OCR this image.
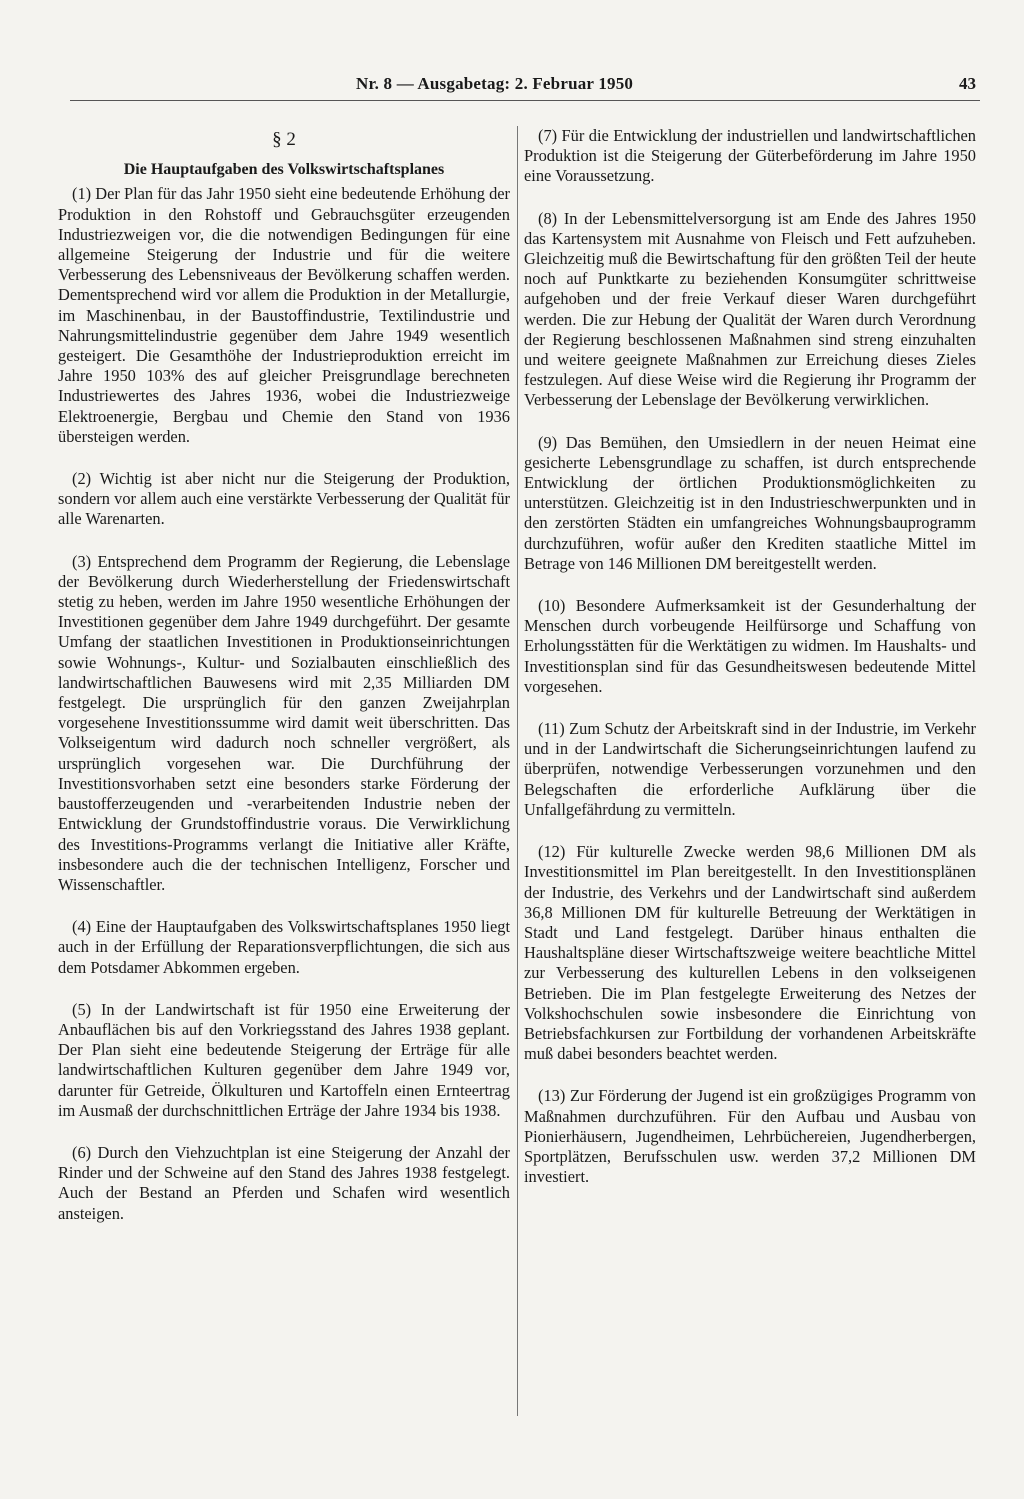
Nr. 8 — Ausgabetag: 2. Februar 1950	43
§ 2
Die Hauptaufgaben des Volkswirtschaftsplanes

(1) Der Plan für das Jahr 1950 sieht eine bedeutende Erhöhung der Produktion in den Rohstoff und Gebrauchsgüter erzeugenden Industriezweigen vor, die die notwendigen Bedingungen für eine allgemeine Steigerung der Industrie und für die weitere Verbesserung des Lebensniveaus der Bevölkerung schaffen werden. Dementsprechend wird vor allem die Produktion in der Metallurgie, im Maschinenbau, in der Baustoffindustrie, Textilindustrie und Nahrungsmittelindustrie gegenüber dem Jahre 1949 wesentlich gesteigert. Die Gesamthöhe der Industrieproduktion erreicht im Jahre 1950 103% des auf gleicher Preisgrundlage berechneten Industriewertes des Jahres 1936, wobei die Industriezweige Elektroenergie, Bergbau und Chemie den Stand von 1936 übersteigen werden.

(2) Wichtig ist aber nicht nur die Steigerung der Produktion, sondern vor allem auch eine verstärkte Verbesserung der Qualität für alle Warenarten.

(3) Entsprechend dem Programm der Regierung, die Lebenslage der Bevölkerung durch Wiederherstellung der Friedenswirtschaft stetig zu heben, werden im Jahre 1950 wesentliche Erhöhungen der Investitionen gegenüber dem Jahre 1949 durchgeführt. Der gesamte Umfang der staatlichen Investitionen in Produktionseinrichtungen sowie Wohnungs-, Kultur- und Sozialbauten einschließlich des landwirtschaftlichen Bauwesens wird mit 2,35 Milliarden DM festgelegt. Die ursprünglich für den ganzen Zweijahrplan vorgesehene Investitionssumme wird damit weit überschritten. Das Volkseigentum wird dadurch noch schneller vergrößert, als ursprünglich vorgesehen war. Die Durchführung der Investitionsvorhaben setzt eine besonders starke Förderung der baustofferzeugenden und -verarbeitenden Industrie neben der Entwicklung der Grundstoffindustrie voraus. Die Verwirklichung des Investitions-Programms verlangt die Initiative aller Kräfte, insbesondere auch die der technischen Intelligenz, Forscher und Wissenschaftler.

(4) Eine der Hauptaufgaben des Volkswirtschaftsplanes 1950 liegt auch in der Erfüllung der Reparationsverpflichtungen, die sich aus dem Potsdamer Abkommen ergeben.

(5) In der Landwirtschaft ist für 1950 eine Erweiterung der Anbauflächen bis auf den Vorkriegsstand des Jahres 1938 geplant. Der Plan sieht eine bedeutende Steigerung der Erträge für alle landwirtschaftlichen Kulturen gegenüber dem Jahre 1949 vor, darunter für Getreide, Ölkulturen und Kartoffeln einen Ernteertrag im Ausmaß der durchschnittlichen Erträge der Jahre 1934 bis 1938.

(6) Durch den Viehzuchtplan ist eine Steigerung der Anzahl der Rinder und der Schweine auf den Stand des Jahres 1938 festgelegt. Auch der Bestand an Pferden und Schafen wird wesentlich ansteigen.

(7) Für die Entwicklung der industriellen und landwirtschaftlichen Produktion ist die Steigerung der Güterbeförderung im Jahre 1950 eine Voraussetzung.

(8) In der Lebensmittelversorgung ist am Ende des Jahres 1950 das Kartensystem mit Ausnahme von Fleisch und Fett aufzuheben. Gleichzeitig muß die Bewirtschaftung für den größten Teil der heute noch auf Punktkarte zu beziehenden Konsumgüter schrittweise aufgehoben und der freie Verkauf dieser Waren durchgeführt werden. Die zur Hebung der Qualität der Waren durch Verordnung der Regierung beschlossenen Maßnahmen sind streng einzuhalten und weitere geeignete Maßnahmen zur Erreichung dieses Zieles festzulegen. Auf diese Weise wird die Regierung ihr Programm der Verbesserung der Lebenslage der Bevölkerung verwirklichen.

(9) Das Bemühen, den Umsiedlern in der neuen Heimat eine gesicherte Lebensgrundlage zu schaffen, ist durch entsprechende Entwicklung der örtlichen Produktionsmöglichkeiten zu unterstützen. Gleichzeitig ist in den Industrieschwerpunkten und in den zerstörten Städten ein umfangreiches Wohnungsbauprogramm durchzuführen, wofür außer den Krediten staatliche Mittel im Betrage von 146 Millionen DM bereitgestellt werden.

(10) Besondere Aufmerksamkeit ist der Gesunderhaltung der Menschen durch vorbeugende Heilfürsorge und Schaffung von Erholungsstätten für die Werktätigen zu widmen. Im Haushalts- und Investitionsplan sind für das Gesundheitswesen bedeutende Mittel vorgesehen.

(11) Zum Schutz der Arbeitskraft sind in der Industrie, im Verkehr und in der Landwirtschaft die Sicherungseinrichtungen laufend zu überprüfen, notwendige Verbesserungen vorzunehmen und den Belegschaften die erforderliche Aufklärung über die Unfallgefährdung zu vermitteln.

(12) Für kulturelle Zwecke werden 98,6 Millionen DM als Investitionsmittel im Plan bereitgestellt. In den Investitionsplänen der Industrie, des Verkehrs und der Landwirtschaft sind außerdem 36,8 Millionen DM für kulturelle Betreuung der Werktätigen in Stadt und Land festgelegt. Darüber hinaus enthalten die Haushaltspläne dieser Wirtschaftszweige weitere beachtliche Mittel zur Verbesserung des kulturellen Lebens in den volkseigenen Betrieben. Die im Plan festgelegte Erweiterung des Netzes der Volkshochschulen sowie insbesondere die Einrichtung von Betriebsfachkursen zur Fortbildung der vorhandenen Arbeitskräfte muß dabei besonders beachtet werden.

(13) Zur Förderung der Jugend ist ein großzügiges Programm von Maßnahmen durchzuführen. Für den Aufbau und Ausbau von Pionierhäusern, Jugendheimen, Lehrbüchereien, Jugendherbergen, Sportplätzen, Berufsschulen usw. werden 37,2 Millionen DM investiert.
